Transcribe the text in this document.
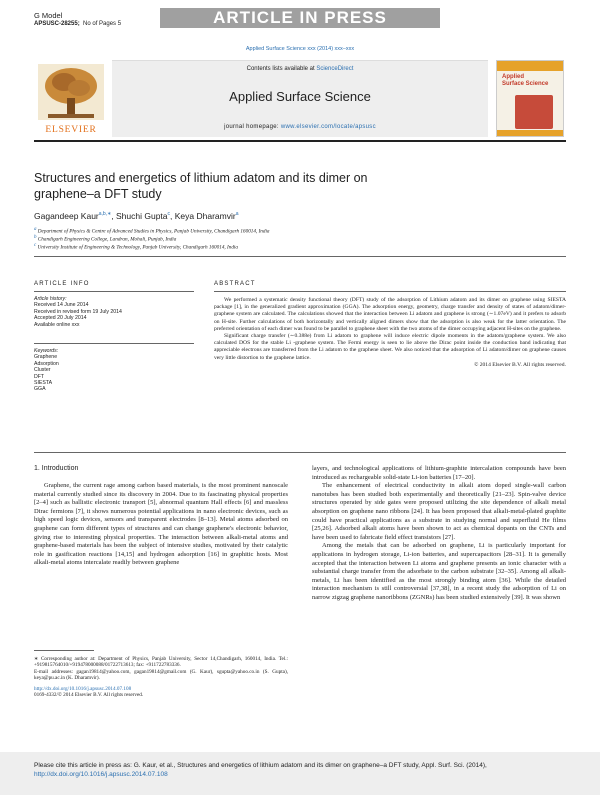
G Model
APSUSC-28255; No of Pages 5	ARTICLE IN PRESS
Applied Surface Science xxx (2014) xxx–xxx
ELSEVIER
Contents lists available at ScienceDirect
Applied Surface Science
journal homepage: www.elsevier.com/locate/apsusc
Applied
Surface Science
Structures and energetics of lithium adatom and its dimer on
graphene–a DFT study
Gagandeep Kaur$^{a,b,∗}$, Shuchi Gupta$^c$, Keya Dharamvir$^a$
a Department of Physics & Centre of Advanced Studies in Physics, Panjab University, Chandigarh 160014, India
b Chandigarh Engineering College, Landran, Mohali, Punjab, India
c University Institute of Engineering & Technology, Panjab University, Chandigarh 160014, India
ARTICLE INFO
Article history:
Received 14 June 2014
Received in revised form 19 July 2014
Accepted 20 July 2014
Available online xxx
Keywords:
Graphene
Adsorption
Cluster
DFT
SIESTA
GGA
ABSTRACT

We performed a systematic density functional theory (DFT) study of the adsorption of Lithium adatom and its dimer on graphene using SIESTA package [1], in the generalized gradient approximation (GGA). The adsorption energy, geometry, charge transfer and density of states of adatom/dimer-graphene system are calculated. The calculations showed that the interaction between Li adatom and graphene is strong (∼1.07eV) and it prefers to adsorb on H-site. Further calculations of both horizontally and vertically aligned dimers show that the adsorption is also weak for the latter orientation. The preferred orientation of each dimer was found to be parallel to graphene sheet with the two atoms of the dimer occupying adjacent H-sites on the graphene.

Significant charge transfer (∼0.388e) from Li adatom to graphene will induce electric dipole moments in the adatom/graphene system. We also calculated DOS for the stable Li -graphene system. The Fermi energy is seen to lie above the Dirac point inside the conduction band indicating that appreciable electrons are transferred from the Li adatom to the graphene sheet. We also noticed that the adsorption of Li adatom/dimer on graphene causes very little distortion to the graphene lattice.

© 2014 Elsevier B.V. All rights reserved.

1. Introduction

Graphene, the current rage among carbon based materials, is the most prominent nanoscale material currently studied since its discovery in 2004. Due to its fascinating physical properties [2–4] such as ballistic electronic transport [5], abnormal quantum Hall effects [6] and massless Dirac fermions [7], it shows numerous potential applications in nano electronic devices, such as high speed logic devices, sensors and transparent electrodes [8–13]. Metal atoms adsorbed on graphene can form different types of structures and can change graphene's electronic behavior, giving rise to interesting physical properties. The interaction between alkali-metal atoms and graphene-based materials has been the subject of intensive studies, motivated by their catalytic role in gasification reactions [14,15] and hydrogen adsorption [16] in graphitic hosts. Most alkali-metal atoms intercalate readily between graphene

∗ Corresponding author at: Department of Physics, Panjab University, Sector 14,Chandigarh, 160014, India. Tel.: +919815764010/+919478000088/01722713613; fax: +911722783336.

E-mail addresses: gagan19814@yahoo.com, gagan19814@gmail.com (G. Kaur), sgupta@yahoo.co.in (S. Gupta), keya@pu.ac.in (K. Dharamvir).

http://dx.doi.org/10.1016/j.apsusc.2014.07.108

0169-4332/© 2014 Elsevier B.V. All rights reserved.

layers, and technological applications of lithium-graphite intercalation compounds have been introduced as rechargeable solid-state Li-ion batteries [17–20].

The enhancement of electrical conductivity in alkali atom doped single-wall carbon nanotubes has been studied both experimentally and theoretically [21–23]. Spin-valve device structures operated by side gates were proposed utilizing the site dependence of alkali metal absorption on graphene nano ribbons [24]. It has been proposed that alkali-metal-plated graphite could have practical applications as a substrate in studying normal and superfluid He films [25,26]. Adsorbed alkali atoms have been shown to act as chemical dopants on the CNTs and have been used to fabricate field effect transistors [27].

Among the metals that can be adsorbed on graphene, Li is particularly important for applications in hydrogen storage, Li-ion batteries, and supercapacitors [28–31]. It is generally accepted that the interaction between Li atoms and graphene presents an ionic character with a substantial charge transfer from the adsorbate to the carbon substrate [32–35]. Among all alkali-metals, Li has been identified as the most strongly binding atom [36]. While the detailed interaction mechanism is still controversial [37,38], in a recent study the adsorption of Li on narrow zigzag graphene nanoribbons (ZGNRs) has been studied extensively [39]. It was shown

Please cite this article in press as: G. Kaur, et al., Structures and energetics of lithium adatom and its dimer on graphene–a DFT study, Appl. Surf. Sci. (2014), http://dx.doi.org/10.1016/j.apsusc.2014.07.108
